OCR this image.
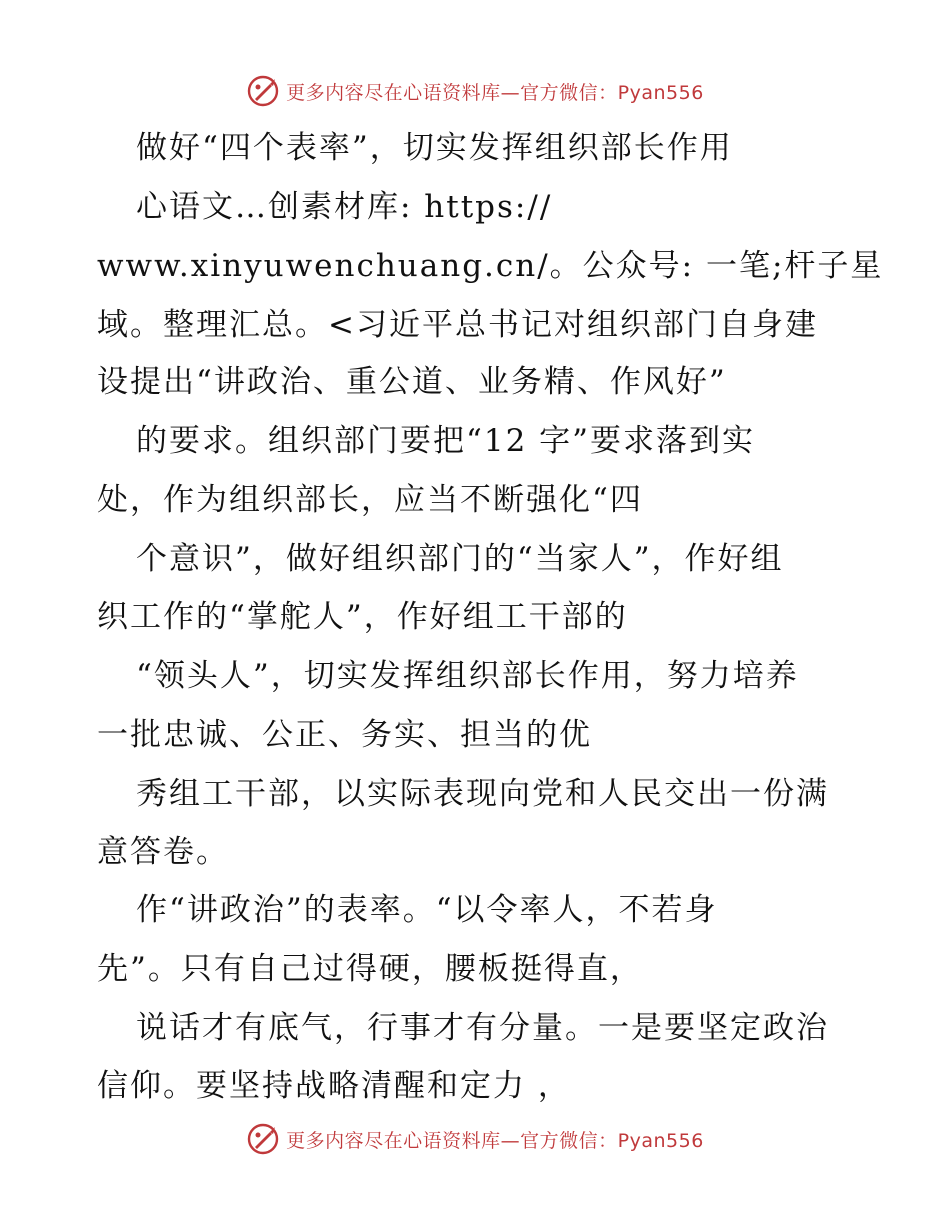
更多内容尽在心语资料库—官方微信：Pyan556
做好“四个表率”，切实发挥组织部长作用
心语文…创素材库: https://
www.xinyuwenchuang.cn/。公众号: 一笔;杆子星
域。整理汇总。<习近平总书记对组织部门自身建
设提出“讲政治、重公道、业务精、作风好”
的要求。组织部门要把“12 字”要求落到实
处，作为组织部长，应当不断强化“四
个意识”，做好组织部门的“当家人”，作好组
织工作的“掌舵人”，作好组工干部的
“领头人”，切实发挥组织部长作用，努力培养
一批忠诚、公正、务实、担当的优
秀组工干部，以实际表现向党和人民交出一份满
意答卷。
作“讲政治”的表率。“以令率人，不若身
先”。只有自己过得硬，腰板挺得直，
说话才有底气，行事才有分量。一是要坚定政治
信仰。要坚持战略清醒和定力 ，
更多内容尽在心语资料库—官方微信：Pyan556
